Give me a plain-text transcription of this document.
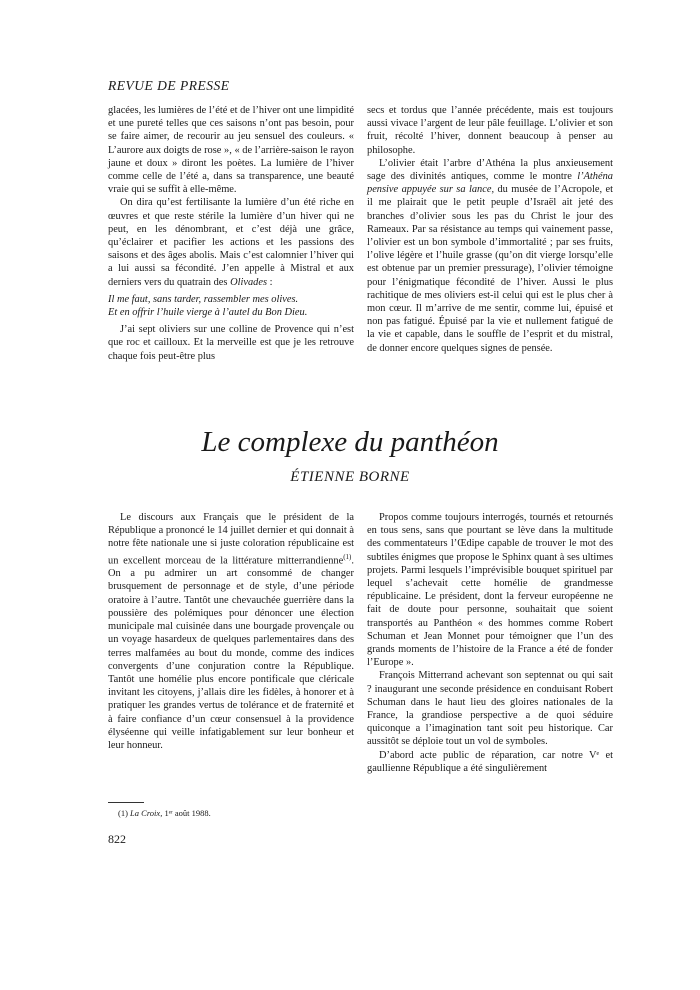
REVUE DE PRESSE

glacées, les lumières de l’été et de l’hiver ont une limpidité et une pureté telles que ces saisons n’ont pas besoin, pour se faire aimer, de recourir au jeu sensuel des couleurs. « L’aurore aux doigts de rose », « de l’arrière-saison le rayon jaune et doux » diront les poètes. La lumière de l’hiver comme celle de l’été a, dans sa transparence, une beauté vraie qui se suffit à elle-même.

On dira qu’est fertilisante la lumière d’un été riche en œuvres et que reste stérile la lumière d’un hiver qui ne peut, en les dénombrant, et c’est déjà une grâce, qu’éclairer et pacifier les actions et les passions des saisons et des âges abolis. Mais c’est calomnier l’hiver qui a lui aussi sa fécondité. J’en appelle à Mistral et aux derniers vers du quatrain des Olivades :

Il me faut, sans tarder, rassembler mes olives.
Et en offrir l’huile vierge à l’autel du Bon Dieu.

J’ai sept oliviers sur une colline de Provence qui n’est que roc et cailloux. Et la merveille est que je les retrouve chaque fois peut-être plus

secs et tordus que l’année précédente, mais est toujours aussi vivace l’argent de leur pâle feuillage. L’olivier et son fruit, récolté l’hiver, donnent beaucoup à penser au philosophe.

L’olivier était l’arbre d’Athéna la plus anxieusement sage des divinités antiques, comme le montre l’Athéna pensive appuyée sur sa lance, du musée de l’Acropole, et il me plairait que le petit peuple d’Israël ait jeté des branches d’olivier sous les pas du Christ le jour des Rameaux. Par sa résistance au temps qui vainement passe, l’olivier est un bon symbole d’immortalité ; par ses fruits, l’olive légère et l’huile grasse (qu’on dit vierge lorsqu’elle est obtenue par un premier pressurage), l’olivier témoigne pour l’énigmatique fécondité de l’hiver. Aussi le plus rachitique de mes oliviers est-il celui qui est le plus cher à mon cœur. Il m’arrive de me sentir, comme lui, épuisé et non pas fatigué. Épuisé par la vie et nullement fatigué de la vie et capable, dans le souffle de l’esprit et du mistral, de donner encore quelques signes de pensée.

Le complexe du panthéon
ÉTIENNE BORNE

Le discours aux Français que le président de la République a prononcé le 14 juillet dernier et qui donnait à notre fête nationale une si juste coloration républicaine est un excellent morceau de la littérature mitterrandienne$^{(1)}$. On a pu admirer un art consommé de changer brusquement de personnage et de style, d’une période oratoire à l’autre. Tantôt une chevauchée guerrière dans la poussière des polémiques pour dénoncer une élection municipale mal cuisinée dans une bourgade provençale ou un voyage hasardeux de quelques parlementaires dans des terres malfamées au bout du monde, comme des indices convergents d’une conjuration contre la République. Tantôt une homélie plus encore pontificale que cléricale invitant les citoyens, j’allais dire les fidèles, à honorer et à pratiquer les grandes vertus de tolérance et de fraternité et à faire confiance d’un cœur consensuel à la providence élyséenne qui veille infatigablement sur leur bonheur et leur honneur.

Propos comme toujours interrogés, tournés et retournés en tous sens, sans que pourtant se lève dans la multitude des commentateurs l’Œdipe capable de trouver le mot des subtiles énigmes que propose le Sphinx quant à ses ultimes projets. Parmi lesquels l’imprévisible bouquet spirituel par lequel s’achevait cette homélie de grandmesse républicaine. Le président, dont la ferveur européenne ne fait de doute pour personne, souhaitait que soient transportés au Panthéon « des hommes comme Robert Schuman et Jean Monnet pour témoigner que l’un des grands moments de l’histoire de la France a été de fonder l’Europe ».

François Mitterrand achevant son septennat ou qui sait ? inaugurant une seconde présidence en conduisant Robert Schuman dans le haut lieu des gloires nationales de la France, la grandiose perspective a de quoi séduire quiconque a l’imagination tant soit peu historique. Car aussitôt se déploie tout un vol de symboles.

D’abord acte public de réparation, car notre Vᵉ et gaullienne République a été singulièrement

(1) La Croix, 1ᵉʳ août 1988.
822
